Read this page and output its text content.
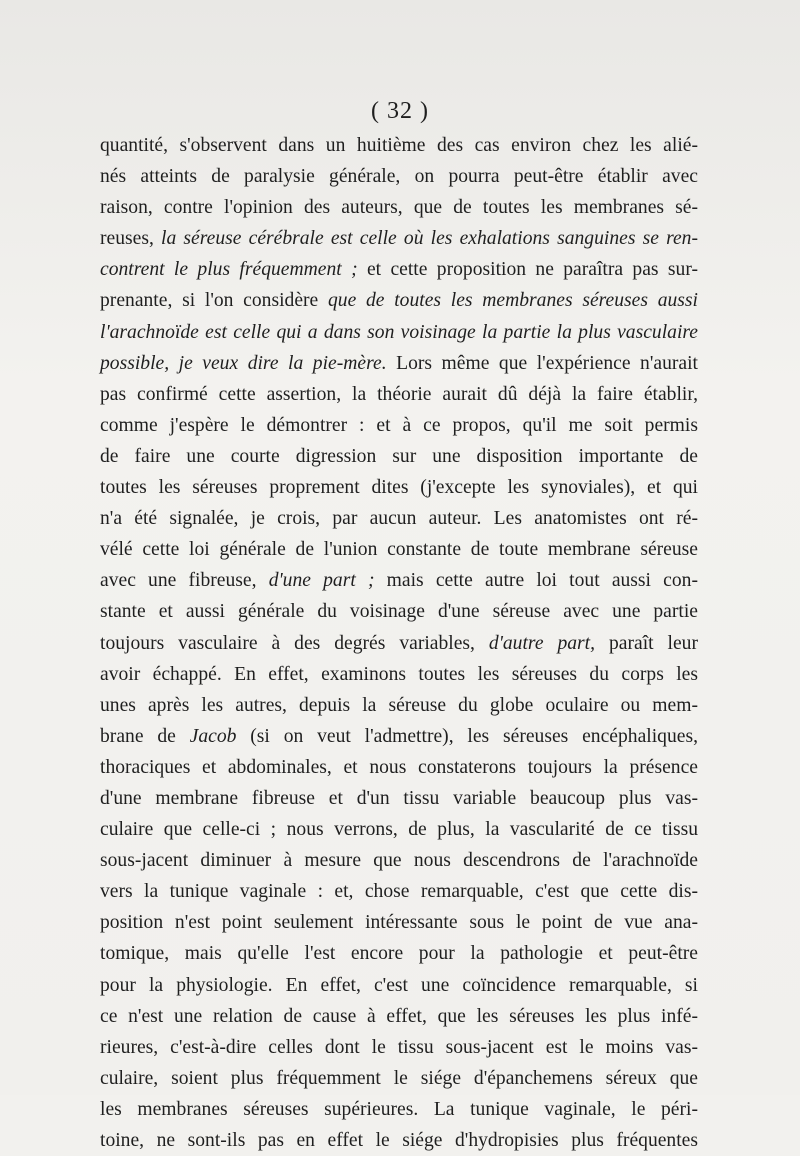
( 32 )
quantité, s'observent dans un huitième des cas environ chez les alié-
nés atteints de paralysie générale, on pourra peut-être établir avec
raison, contre l'opinion des auteurs, que de toutes les membranes sé-
reuses, la séreuse cérébrale est celle où les exhalations sanguines se ren-
contrent le plus fréquemment ; et cette proposition ne paraîtra pas sur-
prenante, si l'on considère que de toutes les membranes séreuses aussi
l'arachnoïde est celle qui a dans son voisinage la partie la plus vasculaire
possible, je veux dire la pie-mère. Lors même que l'expérience n'aurait
pas confirmé cette assertion, la théorie aurait dû déjà la faire établir,
comme j'espère le démontrer : et à ce propos, qu'il me soit permis
de faire une courte digression sur une disposition importante de
toutes les séreuses proprement dites (j'excepte les synoviales), et qui
n'a été signalée, je crois, par aucun auteur. Les anatomistes ont ré-
vélé cette loi générale de l'union constante de toute membrane séreuse
avec une fibreuse, d'une part ; mais cette autre loi tout aussi con-
stante et aussi générale du voisinage d'une séreuse avec une partie
toujours vasculaire à des degrés variables, d'autre part, paraît leur
avoir échappé. En effet, examinons toutes les séreuses du corps les
unes après les autres, depuis la séreuse du globe oculaire ou mem-
brane de Jacob (si on veut l'admettre), les séreuses encéphaliques,
thoraciques et abdominales, et nous constaterons toujours la présence
d'une membrane fibreuse et d'un tissu variable beaucoup plus vas-
culaire que celle-ci ; nous verrons, de plus, la vascularité de ce tissu
sous-jacent diminuer à mesure que nous descendrons de l'arachnoïde
vers la tunique vaginale : et, chose remarquable, c'est que cette dis-
position n'est point seulement intéressante sous le point de vue ana-
tomique, mais qu'elle l'est encore pour la pathologie et peut-être
pour la physiologie. En effet, c'est une coïncidence remarquable, si
ce n'est une relation de cause à effet, que les séreuses les plus infé-
rieures, c'est-à-dire celles dont le tissu sous-jacent est le moins vas-
culaire, soient plus fréquemment le siége d'épanchemens séreux que
les membranes séreuses supérieures. La tunique vaginale, le péri-
toine, ne sont-ils pas en effet le siége d'hydropisies plus fréquentes
